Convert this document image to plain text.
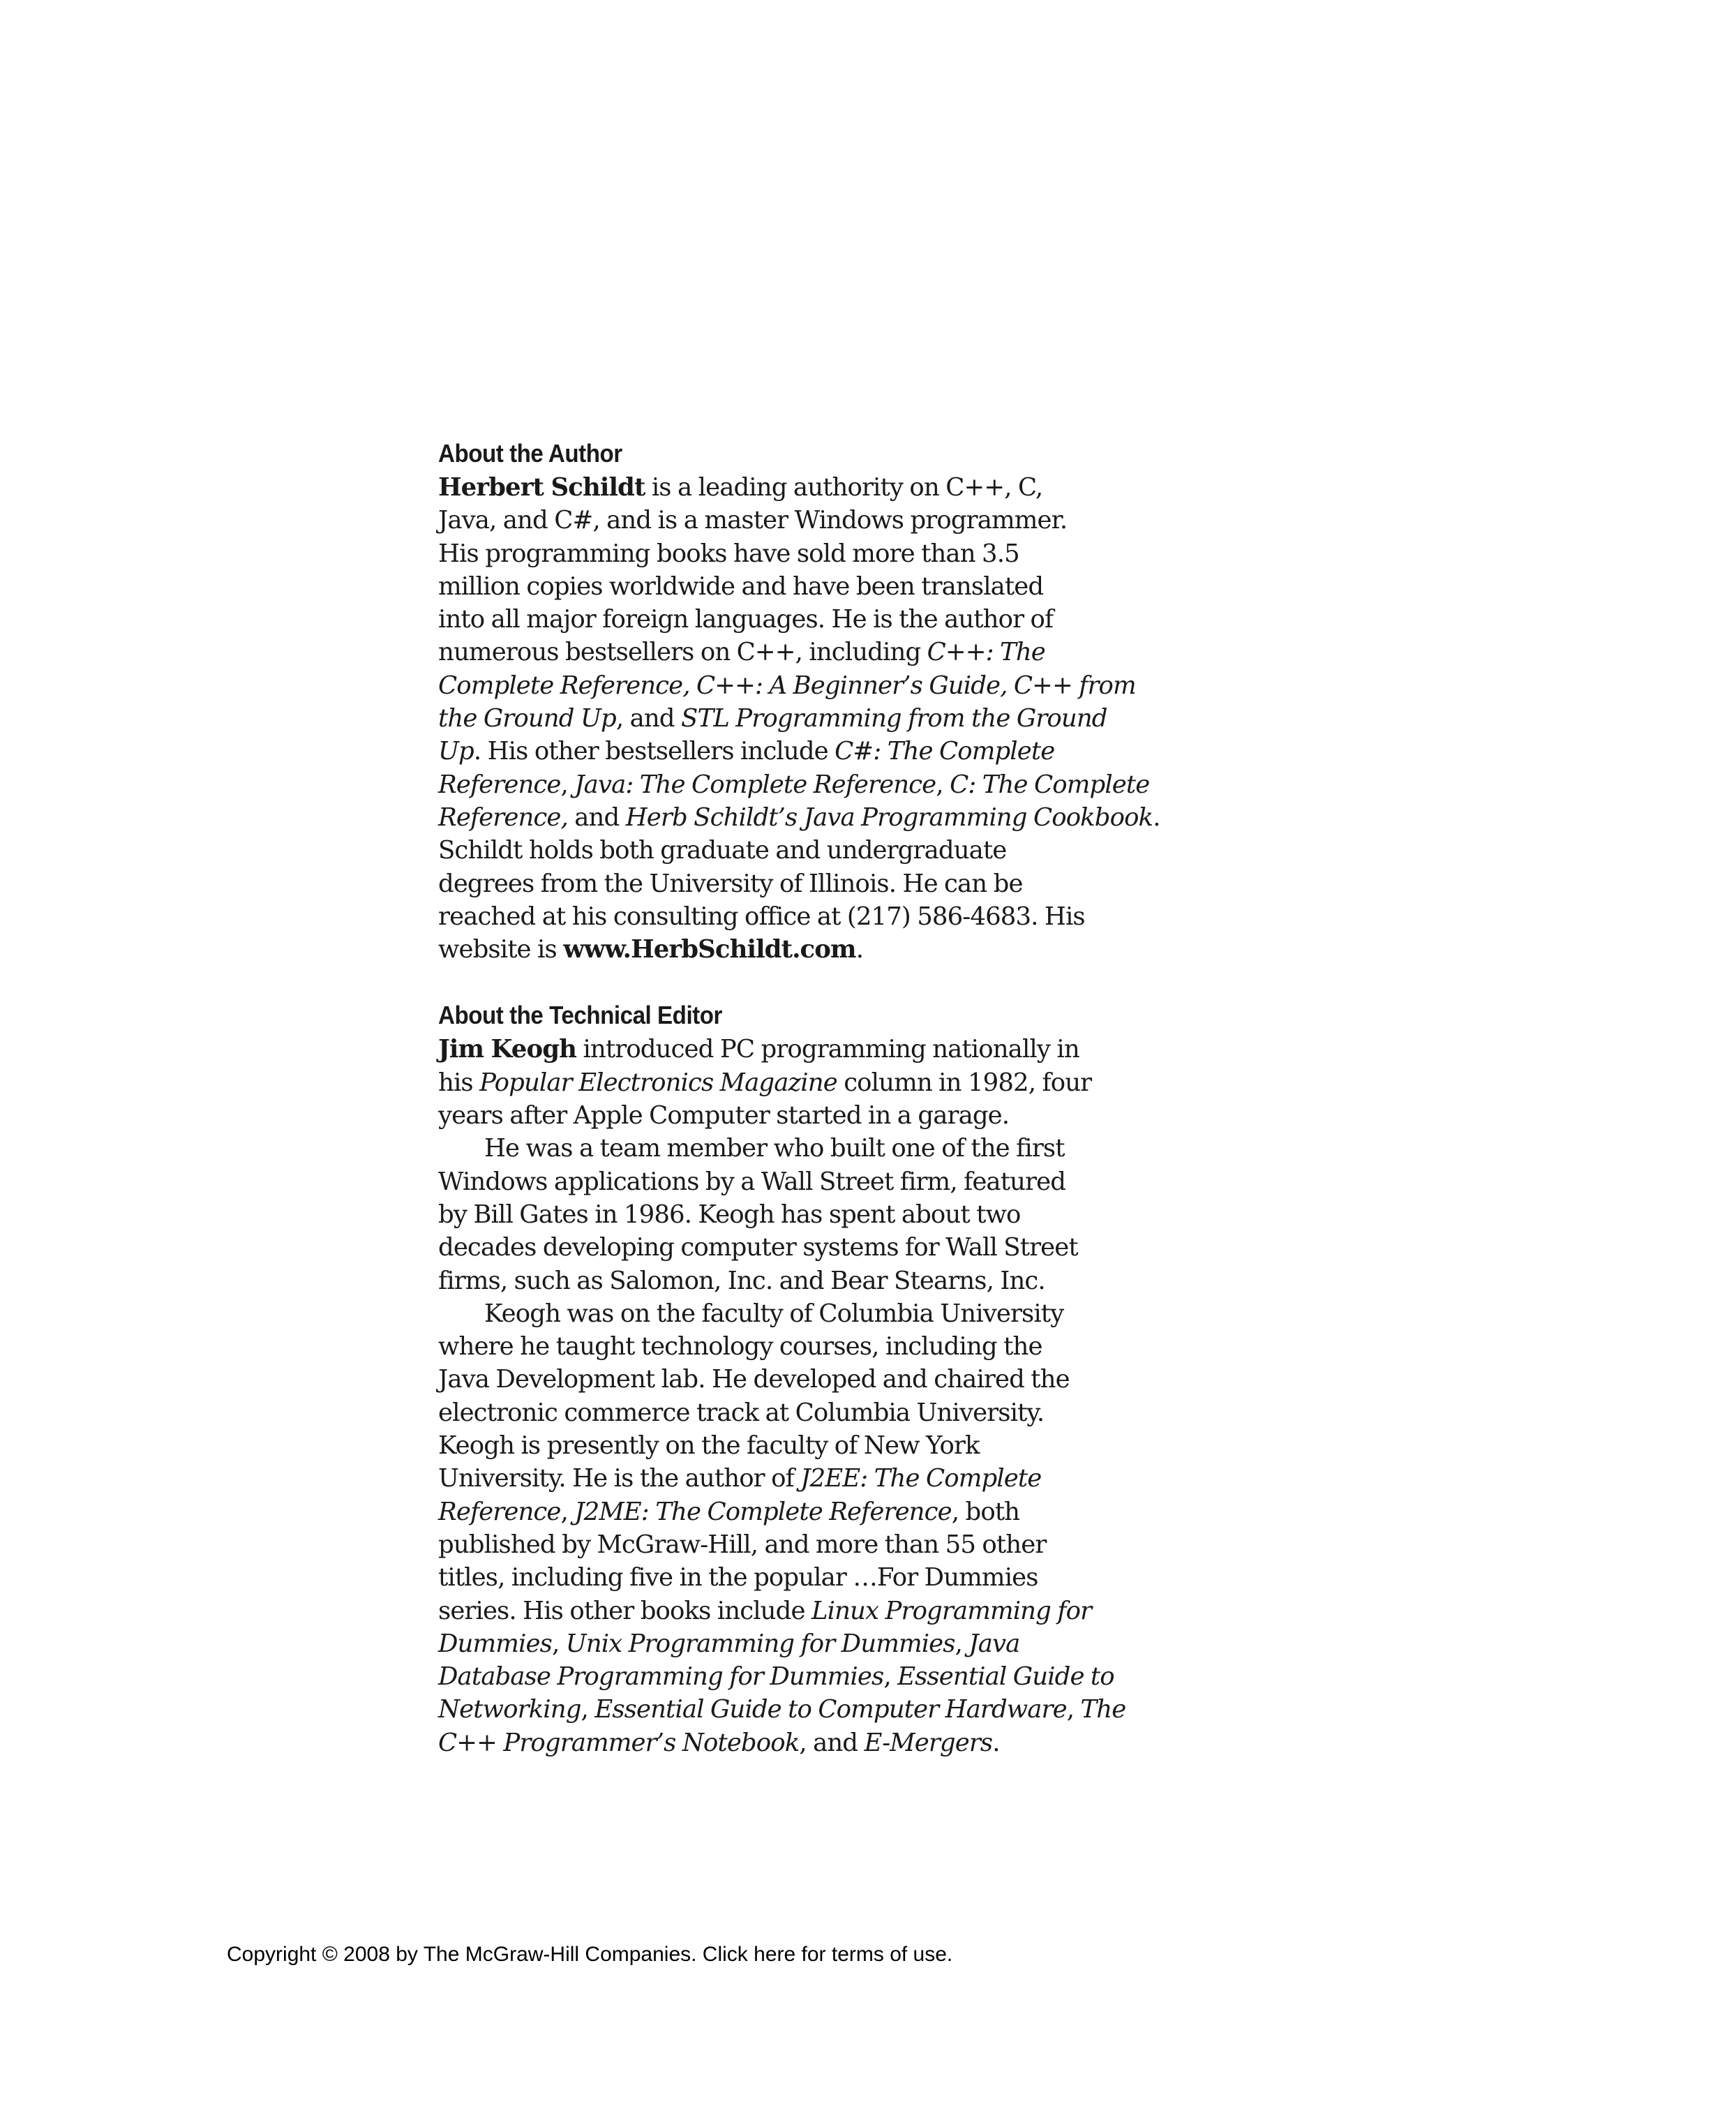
About the Author

Herbert Schildt is a leading authority on C++, C,
Java, and C#, and is a master Windows programmer.
His programming books have sold more than 3.5
million copies worldwide and have been translated
into all major foreign languages. He is the author of
numerous bestsellers on C++, including C++: The
Complete Reference, C++: A Beginner’s Guide, C++ from
the Ground Up, and STL Programming from the Ground
Up. His other bestsellers include C#: The Complete
Reference, Java: The Complete Reference, C: The Complete
Reference, and Herb Schildt’s Java Programming Cookbook.
Schildt holds both graduate and undergraduate
degrees from the University of Illinois. He can be
reached at his consulting office at (217) 586-4683. His
website is www.HerbSchildt.com.

About the Technical Editor

Jim Keogh introduced PC programming nationally in
his Popular Electronics Magazine column in 1982, four
years after Apple Computer started in a garage.
He was a team member who built one of the first
Windows applications by a Wall Street firm, featured
by Bill Gates in 1986. Keogh has spent about two
decades developing computer systems for Wall Street
firms, such as Salomon, Inc. and Bear Stearns, Inc.
Keogh was on the faculty of Columbia University
where he taught technology courses, including the
Java Development lab. He developed and chaired the
electronic commerce track at Columbia University.
Keogh is presently on the faculty of New York
University. He is the author of J2EE: The Complete
Reference, J2ME: The Complete Reference, both
published by McGraw-Hill, and more than 55 other
titles, including five in the popular …For Dummies
series. His other books include Linux Programming for
Dummies, Unix Programming for Dummies, Java
Database Programming for Dummies, Essential Guide to
Networking, Essential Guide to Computer Hardware, The
C++ Programmer’s Notebook, and E-Mergers.

Copyright © 2008 by The McGraw-Hill Companies. Click here for terms of use.
